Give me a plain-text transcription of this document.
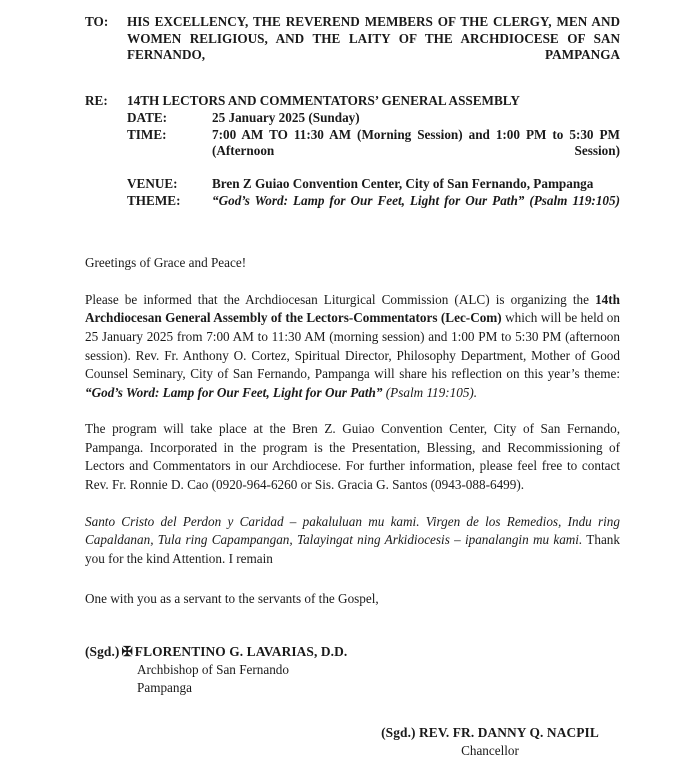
TO:	HIS EXCELLENCY, THE REVEREND MEMBERS OF THE CLERGY, MEN AND WOMEN RELIGIOUS, AND THE LAITY OF THE ARCHDIOCESE OF SAN FERNANDO, PAMPANGA
RE:	14TH LECTORS AND COMMENTATORS’ GENERAL ASSEMBLY
DATE:	25 January 2025 (Sunday)
TIME:	7:00 AM TO 11:30 AM (Morning Session) and 1:00 PM to 5:30 PM (Afternoon Session)
VENUE:	Bren Z Guiao Convention Center, City of San Fernando, Pampanga
THEME:	“God’s Word: Lamp for Our Feet, Light for Our Path” (Psalm 119:105)

Greetings of Grace and Peace!

Please be informed that the Archdiocesan Liturgical Commission (ALC) is organizing the 14th Archdiocesan General Assembly of the Lectors-Commentators (Lec-Com) which will be held on 25 January 2025 from 7:00 AM to 11:30 AM (morning session) and 1:00 PM to 5:30 PM (afternoon session). Rev. Fr. Anthony O. Cortez, Spiritual Director, Philosophy Department, Mother of Good Counsel Seminary, City of San Fernando, Pampanga will share his reflection on this year’s theme: “God’s Word: Lamp for Our Feet, Light for Our Path” (Psalm 119:105).

The program will take place at the Bren Z. Guiao Convention Center, City of San Fernando, Pampanga. Incorporated in the program is the Presentation, Blessing, and Recommissioning of Lectors and Commentators in our Archdiocese. For further information, please feel free to contact Rev. Fr. Ronnie D. Cao (0920-964-6260 or Sis. Gracia G. Santos (0943-088-6499).

Santo Cristo del Perdon y Caridad – pakaluluan mu kami. Virgen de los Remedios, Indu ring Capaldanan, Tula ring Capampangan, Talayingat ning Arkidiocesis – ipanalangin mu kami. Thank you for the kind Attention. I remain

One with you as a servant to the servants of the Gospel,
(Sgd.) ✠ FLORENTINO G. LAVARIAS, D.D.
Archbishop of San Fernando
Pampanga
(Sgd.) REV. FR. DANNY Q. NACPIL
Chancellor
